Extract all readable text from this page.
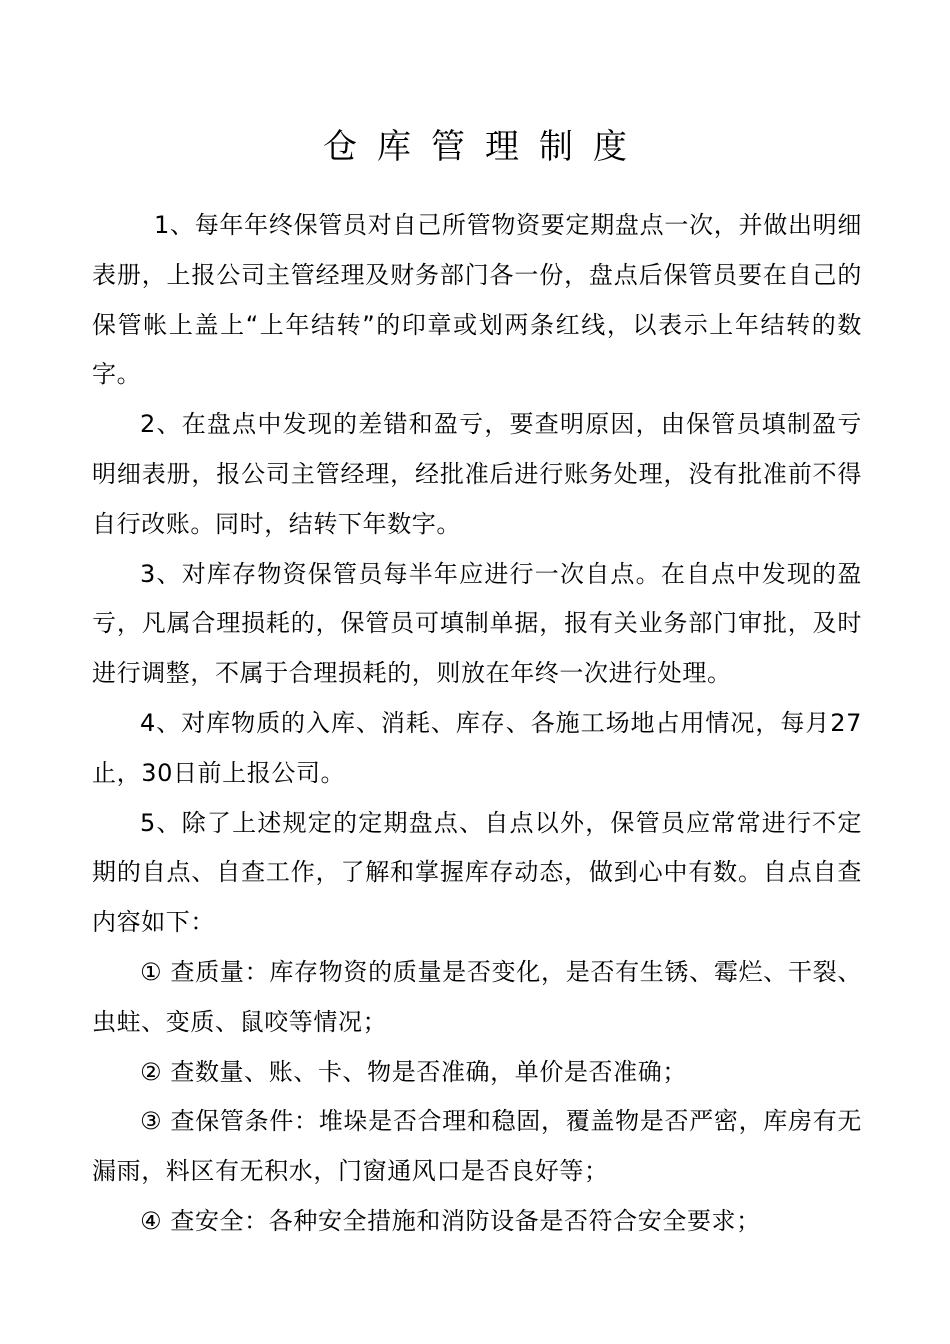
仓库管理制度

1、每年年终保管员对自己所管物资要定期盘点一次，并做出明细表册，上报公司主管经理及财务部门各一份，盘点后保管员要在自己的保管帐上盖上“上年结转”的印章或划两条红线，以表示上年结转的数字。

2、在盘点中发现的差错和盈亏，要查明原因，由保管员填制盈亏明细表册，报公司主管经理，经批准后进行账务处理，没有批准前不得自行改账。同时，结转下年数字。

3、对库存物资保管员每半年应进行一次自点。在自点中发现的盈亏，凡属合理损耗的，保管员可填制单据，报有关业务部门审批，及时进行调整，不属于合理损耗的，则放在年终一次进行处理。

4、对库物质的入库、消耗、库存、各施工场地占用情况，每月27止，30日前上报公司。

5、除了上述规定的定期盘点、自点以外，保管员应常常进行不定期的自点、自查工作，了解和掌握库存动态，做到心中有数。自点自查内容如下：

① 查质量：库存物资的质量是否变化，是否有生锈、霉烂、干裂、虫蛀、变质、鼠咬等情况；

② 查数量、账、卡、物是否准确，单价是否准确；

③ 查保管条件：堆垛是否合理和稳固，覆盖物是否严密，库房有无漏雨，料区有无积水，门窗通风口是否良好等；

④ 查安全：各种安全措施和消防设备是否符合安全要求；
